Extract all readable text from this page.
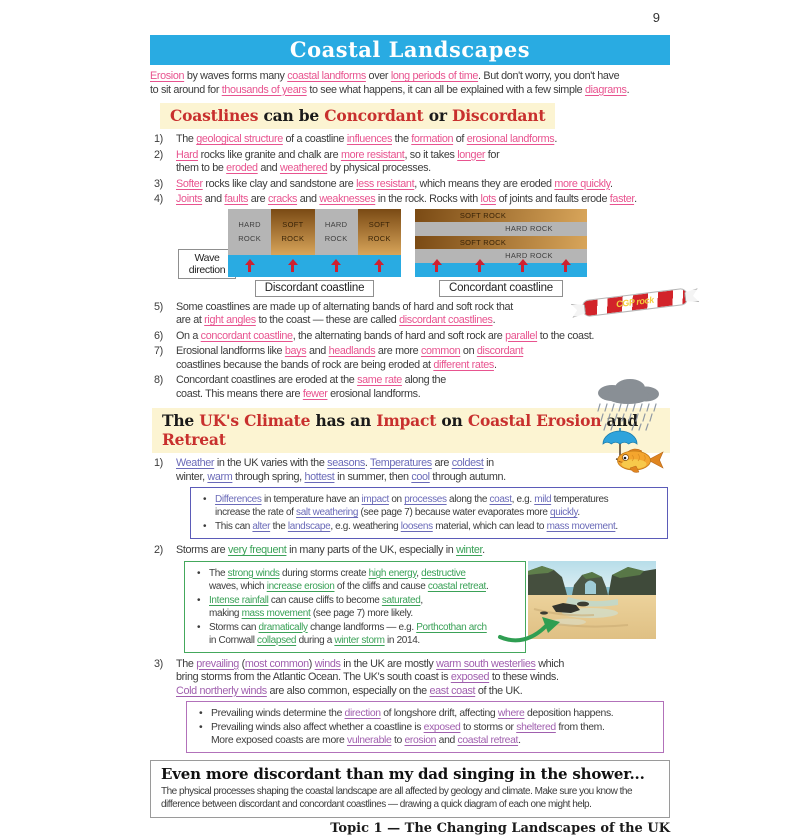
9
Coastal Landscapes
Erosion by waves forms many coastal landforms over long periods of time. But don't worry, you don't have
to sit around for thousands of years to see what happens, it can all be explained with a few simple diagrams.
Coastlines can be Concordant or Discordant
1)	The geological structure of a coastline influences the formation of erosional landforms.
2)	Hard rocks like granite and chalk are more resistant, so it takes longer for
them to be eroded and weathered by physical processes.
3)	Softer rocks like clay and sandstone are less resistant, which means they are eroded more quickly.
4)	Joints and faults are cracks and weaknesses in the rock. Rocks with lots of joints and faults erode faster.
Wave direction
HARD ROCK
SOFT ROCK
HARD ROCK
SOFT ROCK
Discordant coastline
SOFT ROCK
HARD ROCK
SOFT ROCK
HARD ROCK
Concordant coastline
5)	Some coastlines are made up of alternating bands of hard and soft rock that
are at right angles to the coast — these are called discordant coastlines.
CGP rock
6)	On a concordant coastline, the alternating bands of hard and soft rock are parallel to the coast.
7)	Erosional landforms like bays and headlands are more common on discordant
coastlines because the bands of rock are being eroded at different rates.
8)	Concordant coastlines are eroded at the same rate along the
coast. This means there are fewer erosional landforms.
The UK's Climate has an Impact on Coastal Erosion and Retreat
1)	Weather in the UK varies with the seasons. Temperatures are coldest in
winter, warm through spring, hottest in summer, then cool through autumn.
•
Differences in temperature have an impact on processes along the coast, e.g. mild temperatures
increase the rate of salt weathering (see page 7) because water evaporates more quickly.
•
This can alter the landscape, e.g. weathering loosens material, which can lead to mass movement.
2)	Storms are very frequent in many parts of the UK, especially in winter.
•
The strong winds during storms create high energy, destructive
waves, which increase erosion of the cliffs and cause coastal retreat.
•
Intense rainfall can cause cliffs to become saturated,
making mass movement (see page 7) more likely.
•
Storms can dramatically change landforms — e.g. Porthcothan arch
in Cornwall collapsed during a winter storm in 2014.
3)	The prevailing (most common) winds in the UK are mostly warm south westerlies which
bring storms from the Atlantic Ocean. The UK's south coast is exposed to these winds.
Cold northerly winds are also common, especially on the east coast of the UK.
•
Prevailing winds determine the direction of longshore drift, affecting where deposition happens.
•
Prevailing winds also affect whether a coastline is exposed to storms or sheltered from them.
More exposed coasts are more vulnerable to erosion and coastal retreat.
Even more discordant than my dad singing in the shower...
The physical processes shaping the coastal landscape are all affected by geology and climate. Make sure you know the
difference between discordant and concordant coastlines — drawing a quick diagram of each one might help.
Topic 1 — The Changing Landscapes of the UK
